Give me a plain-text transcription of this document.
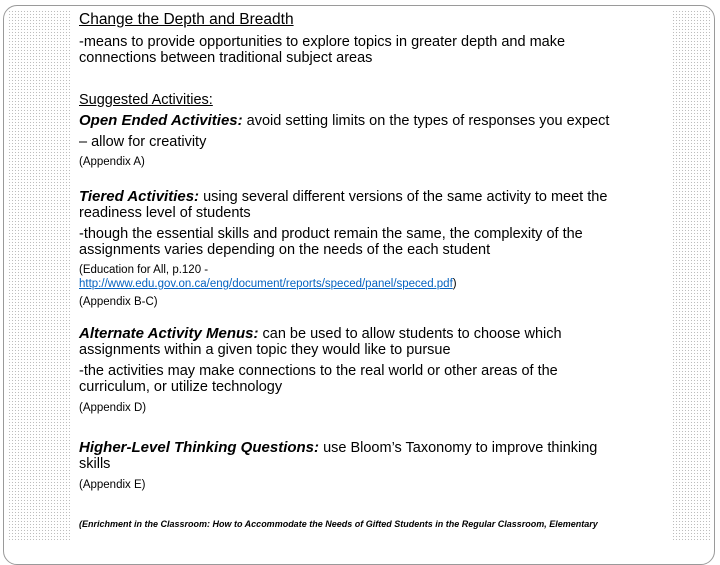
Change the Depth and Breadth
-means to provide opportunities to explore topics in greater depth and make
connections between traditional subject areas
Suggested Activities:
Open Ended Activities: avoid setting limits on the types of responses you expect
– allow for creativity
(Appendix A)
Tiered Activities: using several different versions of the same activity to meet the
readiness level of students
-though the essential skills and product remain the same, the complexity of the
assignments varies depending on the needs of the each student
(Education for All, p.120 -
http://www.edu.gov.on.ca/eng/document/reports/speced/panel/speced.pdf)
(Appendix B-C)
Alternate Activity Menus: can be used to allow students to choose which
assignments within a given topic they would like to pursue
-the activities may make connections to the real world or other areas of the
curriculum, or utilize technology
(Appendix D)
Higher-Level Thinking Questions: use Bloom’s Taxonomy to improve thinking
skills
(Appendix E)
(Enrichment in the Classroom: How to Accommodate the Needs of Gifted Students in the Regular Classroom, Elementary
